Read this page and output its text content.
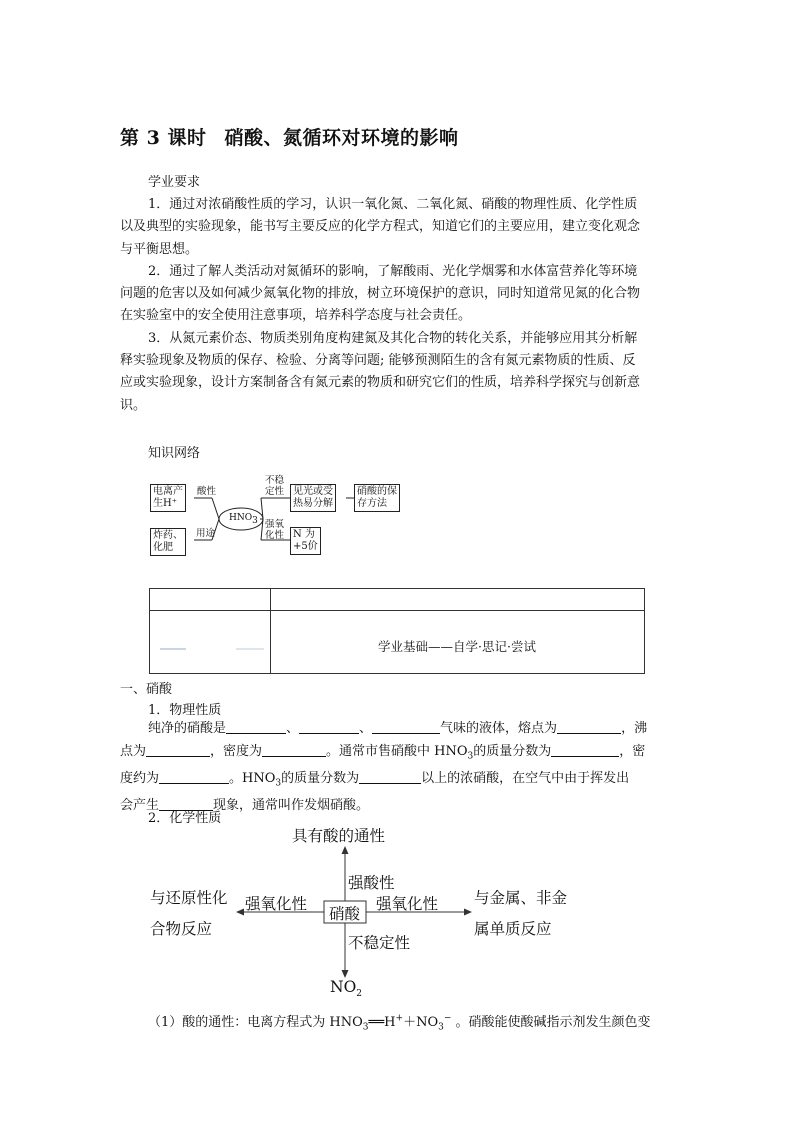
第 3 课时 硝酸、氮循环对环境的影响
学业要求
1．通过对浓硝酸性质的学习，认识一氧化氮、二氧化氮、硝酸的物理性质、化学性质
以及典型的实验现象，能书写主要反应的化学方程式，知道它们的主要应用，建立变化观念
与平衡思想。
2．通过了解人类活动对氮循环的影响，了解酸雨、光化学烟雾和水体富营养化等环境
问题的危害以及如何减少氮氧化物的排放，树立环境保护的意识，同时知道常见氮的化合物
在实验室中的安全使用注意事项，培养科学态度与社会责任。
3．从氮元素价态、物质类别角度构建氮及其化合物的转化关系，并能够应用其分析解
释实验现象及物质的保存、检验、分离等问题; 能够预测陌生的含有氮元素物质的性质、反
应或实验现象，设计方案制备含有氮元素的物质和研究它们的性质，培养科学探究与创新意
识。
知识网络
电离产
生H⁺
酸性
炸药、
化肥
用途
$HNO_3$
不稳
定性 见光或受
热易分解
硝酸的保
存方法
强氧
化性 N 为
+5价
学业基础——自学·思记·尝试
一、硝酸
1．物理性质
纯净的硝酸是	、	、	气味的液体，熔点为	，沸
点为	，密度为	。通常市售硝酸中 $HNO_3$的质量分数为	，密
度约为	。$HNO_3$的质量分数为	以上的浓硝酸，在空气中由于挥发出
会产生	现象，通常叫作发烟硝酸。
2．化学性质
具有酸的通性
强酸性
与还原性化
合物反应
强氧化性
硝酸
强氧化性 与金属、非金
属单质反应
不稳定性
$NO_2$
（1）酸的通性：电离方程式为 $HNO_3══H^++NO_3^-$ 。硝酸能使酸碱指示剂发生颜色变
